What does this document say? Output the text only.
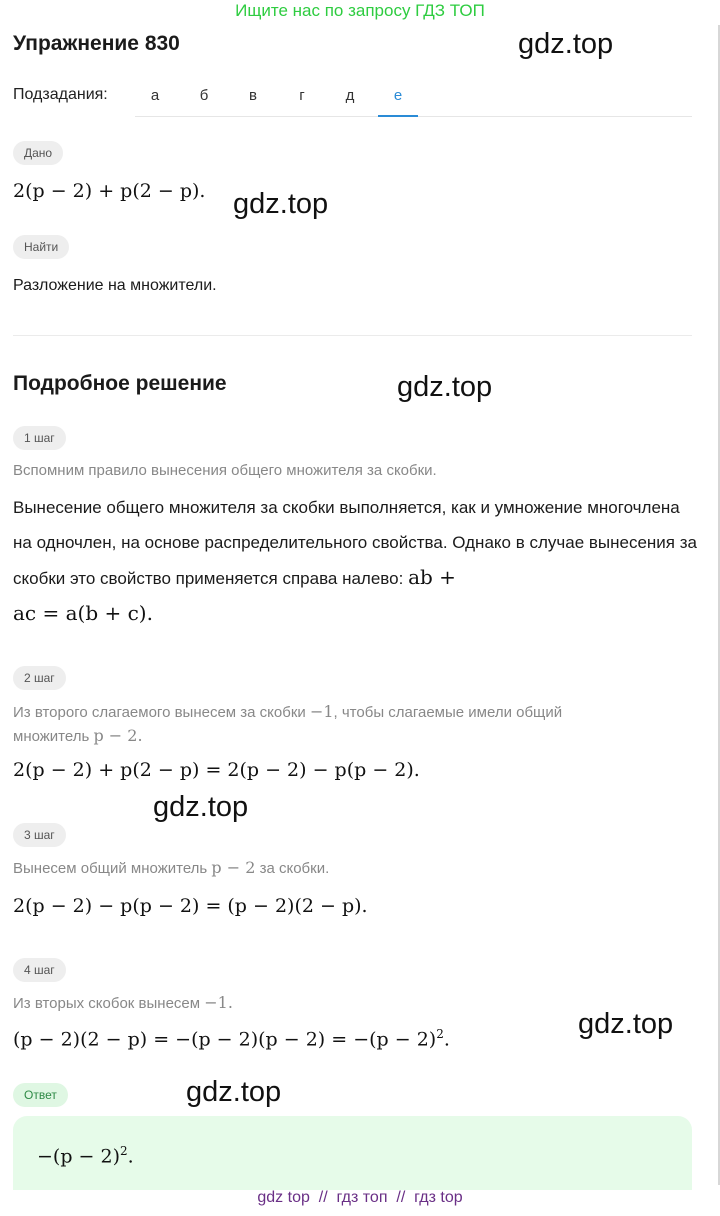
Ищите нас по запросу ГДЗ ТОП
Упражнение 830	gdz.top
Подзадания:	а	б	в	г	д	е
Дано
2(p − 2) + p(2 − p). gdz.top
Найти
Разложение на множители.
Подробное решение	gdz.top
1 шаг
Вспомним правило вынесения общего множителя за скобки.
Вынесение общего множителя за скобки выполняется, как и умножение многочлена на одночлен, на основе распределительного свойства. Однако в случае вынесения за скобки это свойство применяется справа налево: ab +
ac = a(b + c).
2 шаг
Из второго слагаемого вынесем за скобки −1, чтобы слагаемые имели общий
множитель p − 2.
2(p − 2) + p(2 − p) = 2(p − 2) − p(p − 2).
gdz.top
3 шаг
Вынесем общий множитель p − 2 за скобки.
2(p − 2) − p(p − 2) = (p − 2)(2 − p).
4 шаг
Из вторых скобок вынесем −1.
$(p - 2)(2 - p) = -(p - 2)(p - 2) = -(p - 2)^2$.	gdz.top
Ответ	gdz.top
$-(p - 2)^2$.
gdz top  //  гдз топ  //  гдз top
